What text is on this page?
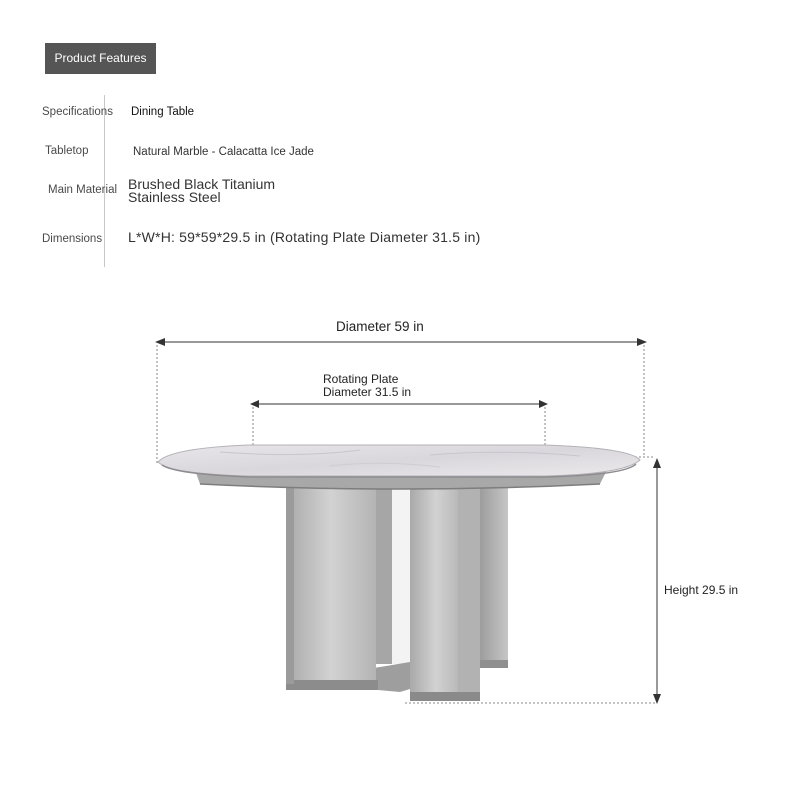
Product Features
Specifications Dining Table
Tabletop	Natural Marble - Calacatta Ice Jade
Main Material Brushed Black Titanium
Stainless Steel
Dimensions L*W*H: 59*59*29.5 in (Rotating Plate Diameter 31.5 in)
Diameter 59 in
Rotating Plate
Diameter 31.5 in
Height 29.5 in
